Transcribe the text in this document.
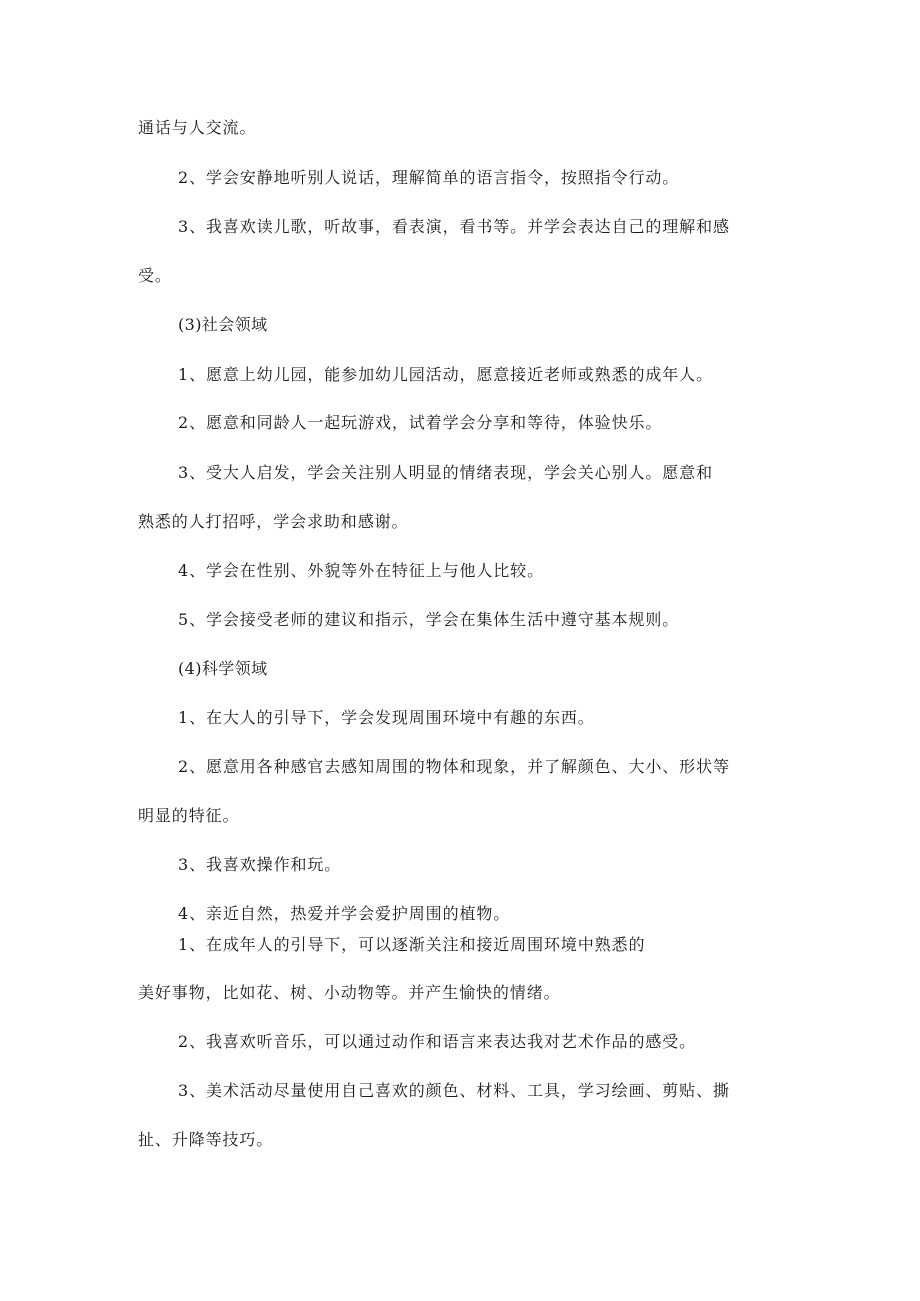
通话与人交流。
2、学会安静地听别人说话，理解简单的语言指令，按照指令行动。
3、我喜欢读儿歌，听故事，看表演，看书等。并学会表达自己的理解和感
受。
(3)社会领域
1、愿意上幼儿园，能参加幼儿园活动，愿意接近老师或熟悉的成年人。
2、愿意和同龄人一起玩游戏，试着学会分享和等待，体验快乐。
3、受大人启发，学会关注别人明显的情绪表现，学会关心别人。愿意和
熟悉的人打招呼，学会求助和感谢。
4、学会在性别、外貌等外在特征上与他人比较。
5、学会接受老师的建议和指示，学会在集体生活中遵守基本规则。
(4)科学领域
1、在大人的引导下，学会发现周围环境中有趣的东西。
2、愿意用各种感官去感知周围的物体和现象，并了解颜色、大小、形状等
明显的特征。
3、我喜欢操作和玩。
4、亲近自然，热爱并学会爱护周围的植物。
1、在成年人的引导下，可以逐渐关注和接近周围环境中熟悉的
美好事物，比如花、树、小动物等。并产生愉快的情绪。
2、我喜欢听音乐，可以通过动作和语言来表达我对艺术作品的感受。
3、美术活动尽量使用自己喜欢的颜色、材料、工具，学习绘画、剪贴、撕
扯、升降等技巧。
